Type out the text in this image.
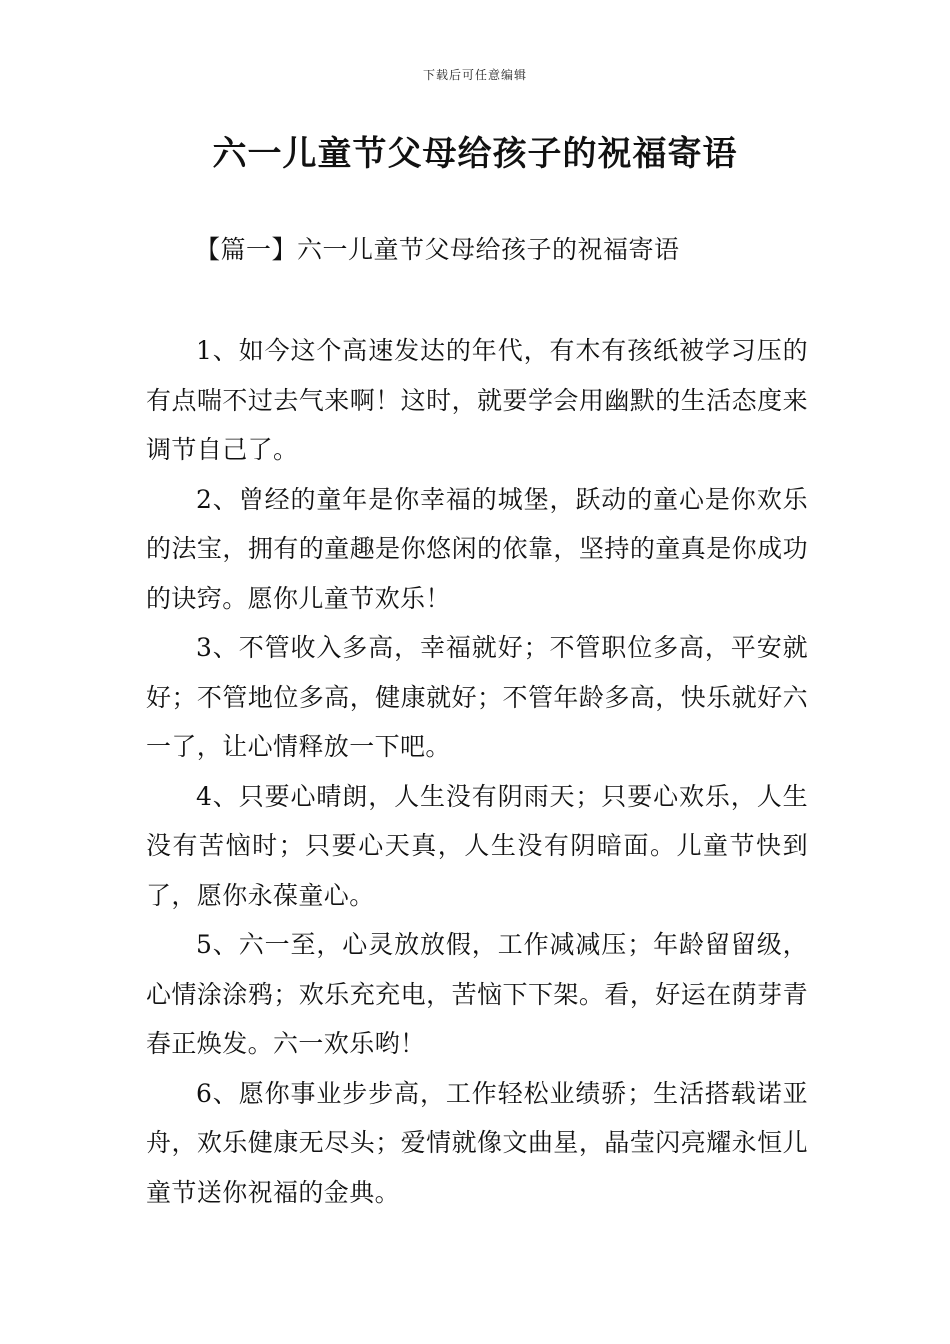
下载后可任意编辑
六一儿童节父母给孩子的祝福寄语
【篇一】六一儿童节父母给孩子的祝福寄语

1、如今这个高速发达的年代，有木有孩纸被学习压的有点喘不过去气来啊！这时，就要学会用幽默的生活态度来调节自己了。

2、曾经的童年是你幸福的城堡，跃动的童心是你欢乐的法宝，拥有的童趣是你悠闲的依靠，坚持的童真是你成功的诀窍。愿你儿童节欢乐！

3、不管收入多高，幸福就好；不管职位多高，平安就好；不管地位多高，健康就好；不管年龄多高，快乐就好六一了，让心情释放一下吧。

4、只要心晴朗，人生没有阴雨天；只要心欢乐，人生没有苦恼时；只要心天真，人生没有阴暗面。儿童节快到了，愿你永葆童心。

5、六一至，心灵放放假，工作减减压；年龄留留级，心情涂涂鸦；欢乐充充电，苦恼下下架。看，好运在荫芽青春正焕发。六一欢乐哟！

6、愿你事业步步高，工作轻松业绩骄；生活搭载诺亚舟，欢乐健康无尽头；爱情就像文曲星，晶莹闪亮耀永恒儿童节送你祝福的金典。
